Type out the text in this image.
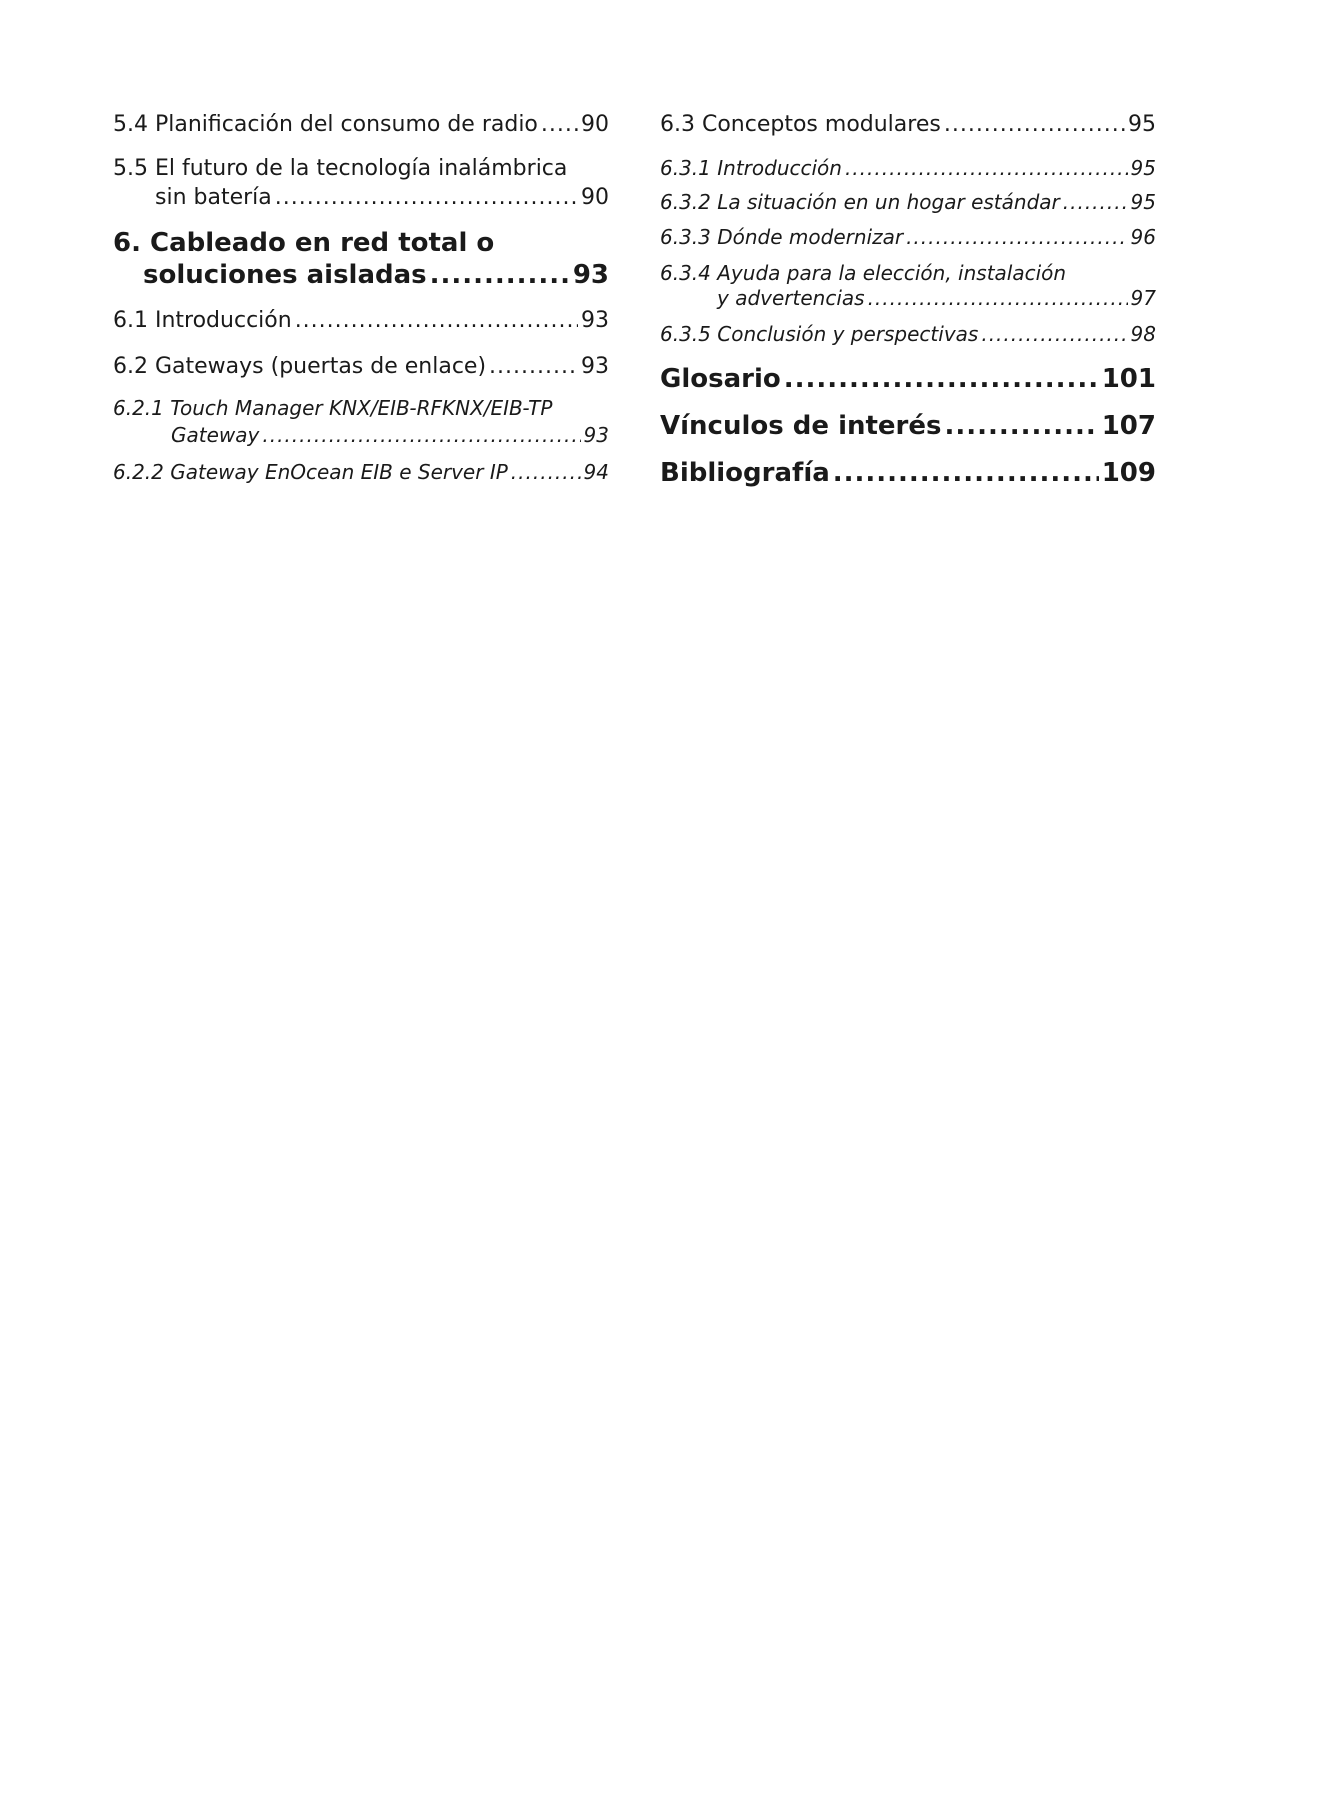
5.4 Planificación del consumo de radio ..... 90
5.5 El futuro de la tecnología inalámbrica
sin batería .....	90
6. Cableado en red total o
soluciones aisladas .....	93
6.1 Introducción .....	93
6.2 Gateways (puertas de enlace) .....	93
6.2.1 Touch Manager KNX/EIB-RFKNX/EIB-TP
Gateway .....	93
6.2.2 Gateway EnOcean EIB e Server IP .....	94
6.3 Conceptos modulares .....	95
6.3.1 Introducción .....	95
6.3.2 La situación en un hogar estándar .....	95
6.3.3 Dónde modernizar .....	96
6.3.4 Ayuda para la elección, instalación
y advertencias .....	97
6.3.5 Conclusión y perspectivas .....	98
Glosario .....	101
Vínculos de interés .....	107
Bibliografía .....	109
